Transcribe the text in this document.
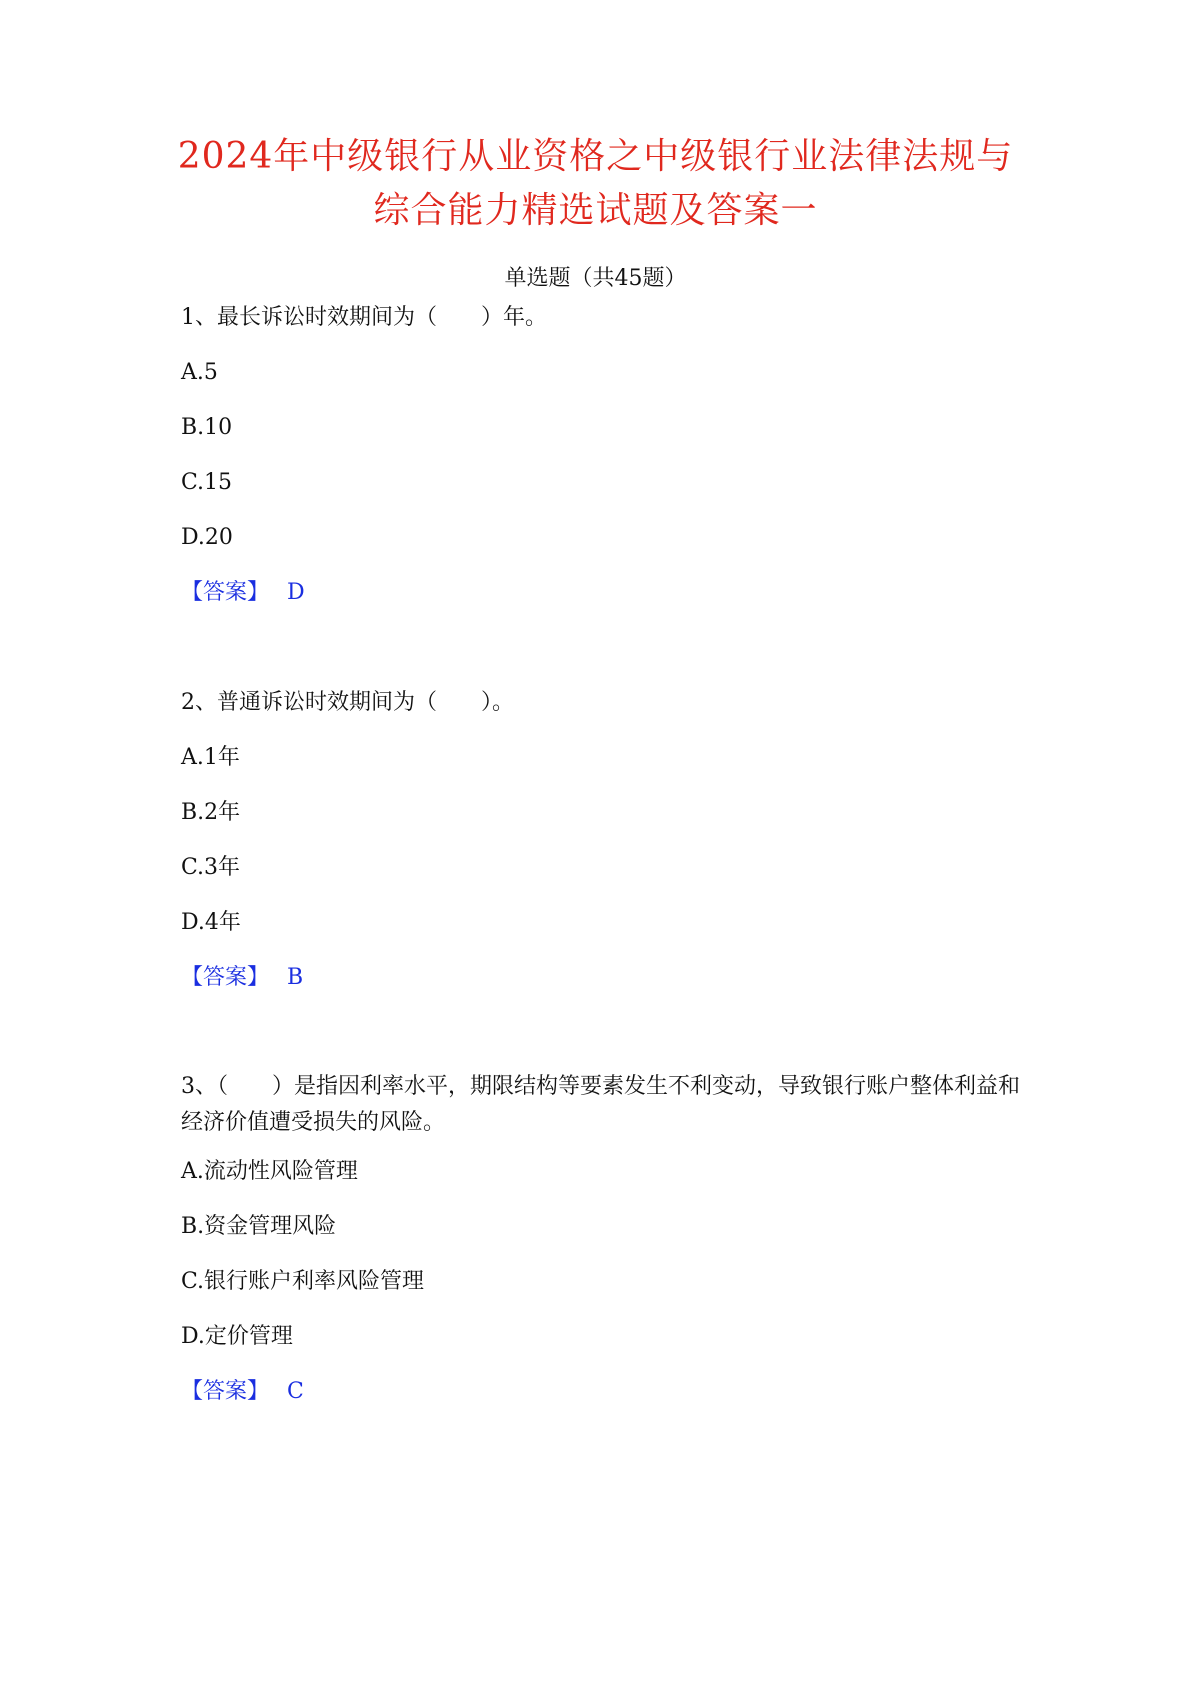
2024年中级银行从业资格之中级银行业法律法规与
综合能力精选试题及答案一
单选题（共45题）
1、最长诉讼时效期间为（　　）年。
A.5
B.10
C.15
D.20
【答案】 D
2、普通诉讼时效期间为（　　）。
A.1年
B.2年
C.3年
D.4年
【答案】 B
3、（　　）是指因利率水平，期限结构等要素发生不利变动，导致银行账户整体利益和经济价值遭受损失的风险。
A.流动性风险管理
B.资金管理风险
C.银行账户利率风险管理
D.定价管理
【答案】 C
